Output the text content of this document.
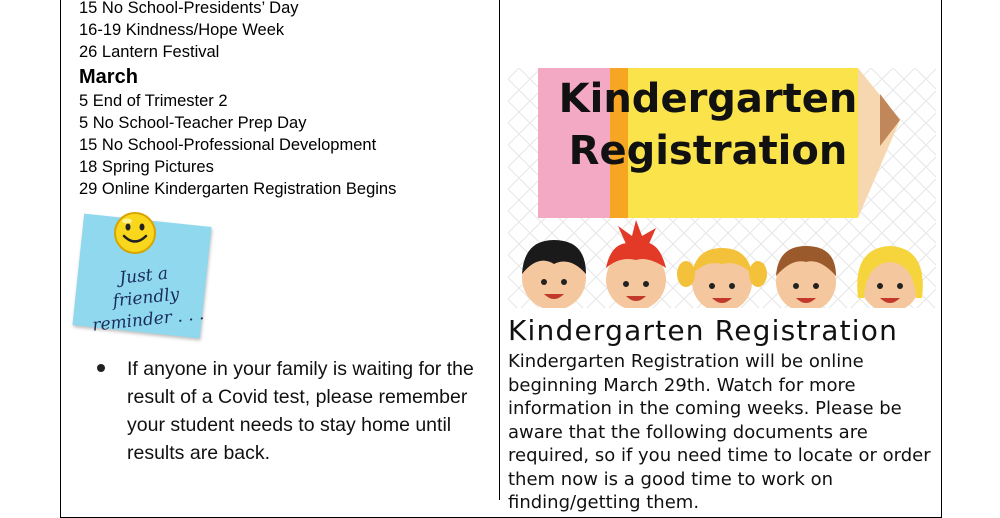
15 No School-Presidents’ Day
16-19 Kindness/Hope Week
26 Lantern Festival
March
5 End of Trimester 2
5 No School-Teacher Prep Day
15 No School-Professional Development
18 Spring Pictures
29 Online Kindergarten Registration Begins
Just a friendly
reminder . . .
If anyone in your family is waiting for the result of a Covid test, please remember your student needs to stay home until results are back.
Kindergarten
Registration
Kindergarten Registration
Kindergarten Registration will be online beginning March 29th. Watch for more information in the coming weeks. Please be aware that the following documents are required, so if you need time to locate or order them now is a good time to work on finding/getting them.
